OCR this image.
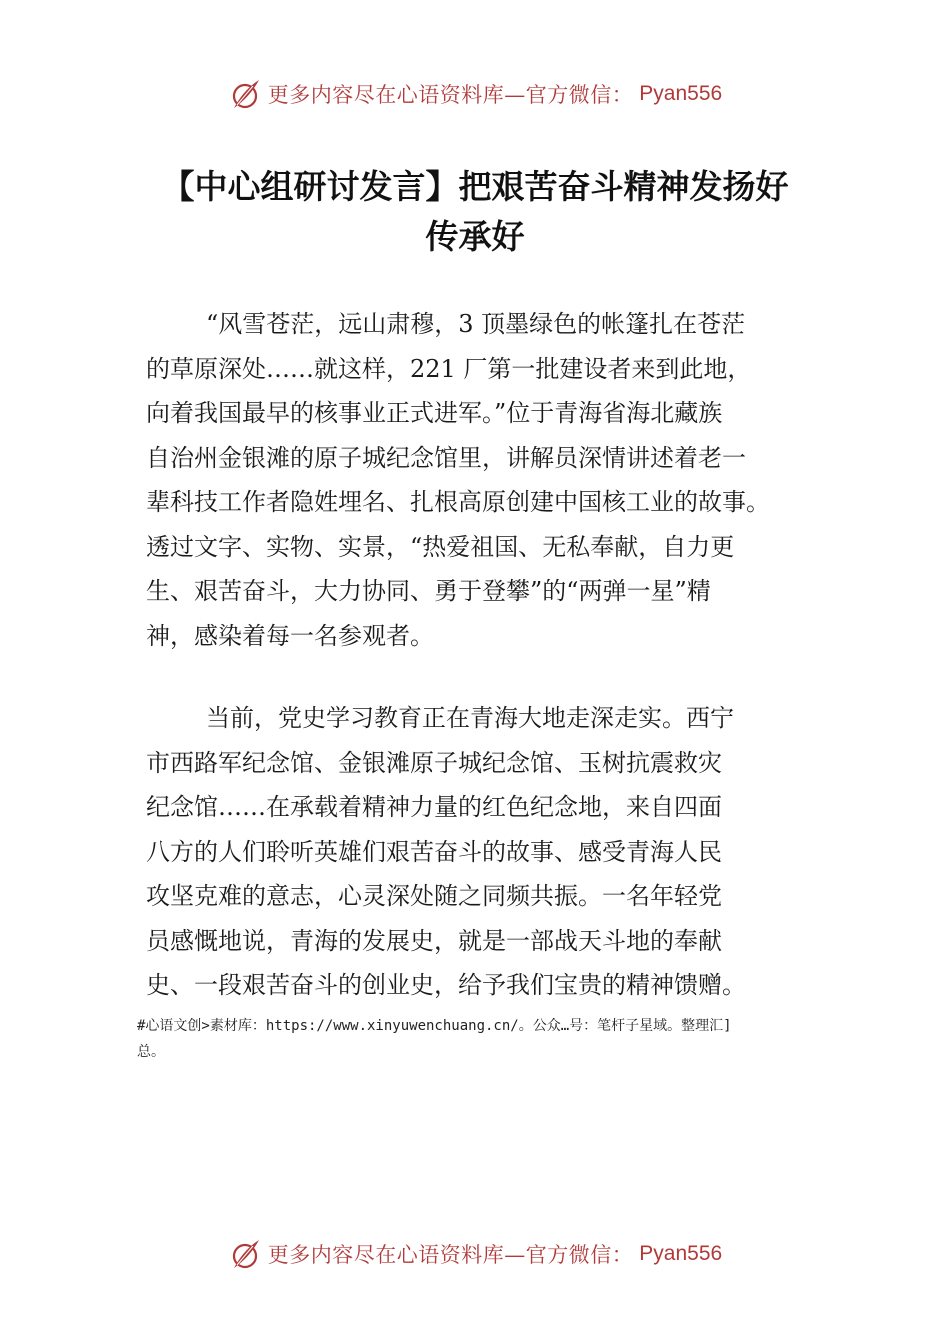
更多内容尽在心语资料库—官方微信： Pyan556
【中心组研讨发言】把艰苦奋斗精神发扬好
传承好
“风雪苍茫，远山肃穆，3 顶墨绿色的帐篷扎在苍茫
的草原深处……就这样，221 厂第一批建设者来到此地，
向着我国最早的核事业正式进军。”位于青海省海北藏族
自治州金银滩的原子城纪念馆里，讲解员深情讲述着老一
辈科技工作者隐姓埋名、扎根高原创建中国核工业的故事。
透过文字、实物、实景，“热爱祖国、无私奉献，自力更
生、艰苦奋斗，大力协同、勇于登攀”的“两弹一星”精
神，感染着每一名参观者。
当前，党史学习教育正在青海大地走深走实。西宁
市西路军纪念馆、金银滩原子城纪念馆、玉树抗震救灾
纪念馆……在承载着精神力量的红色纪念地，来自四面
八方的人们聆听英雄们艰苦奋斗的故事、感受青海人民
攻坚克难的意志，心灵深处随之同频共振。一名年轻党
员感慨地说，青海的发展史，就是一部战天斗地的奉献
史、一段艰苦奋斗的创业史，给予我们宝贵的精神馈赠。
#心语文创>素材库：https://www.xinyuwenchuang.cn/。公众…号：笔杆子星域。整理汇]
总。
更多内容尽在心语资料库—官方微信： Pyan556
